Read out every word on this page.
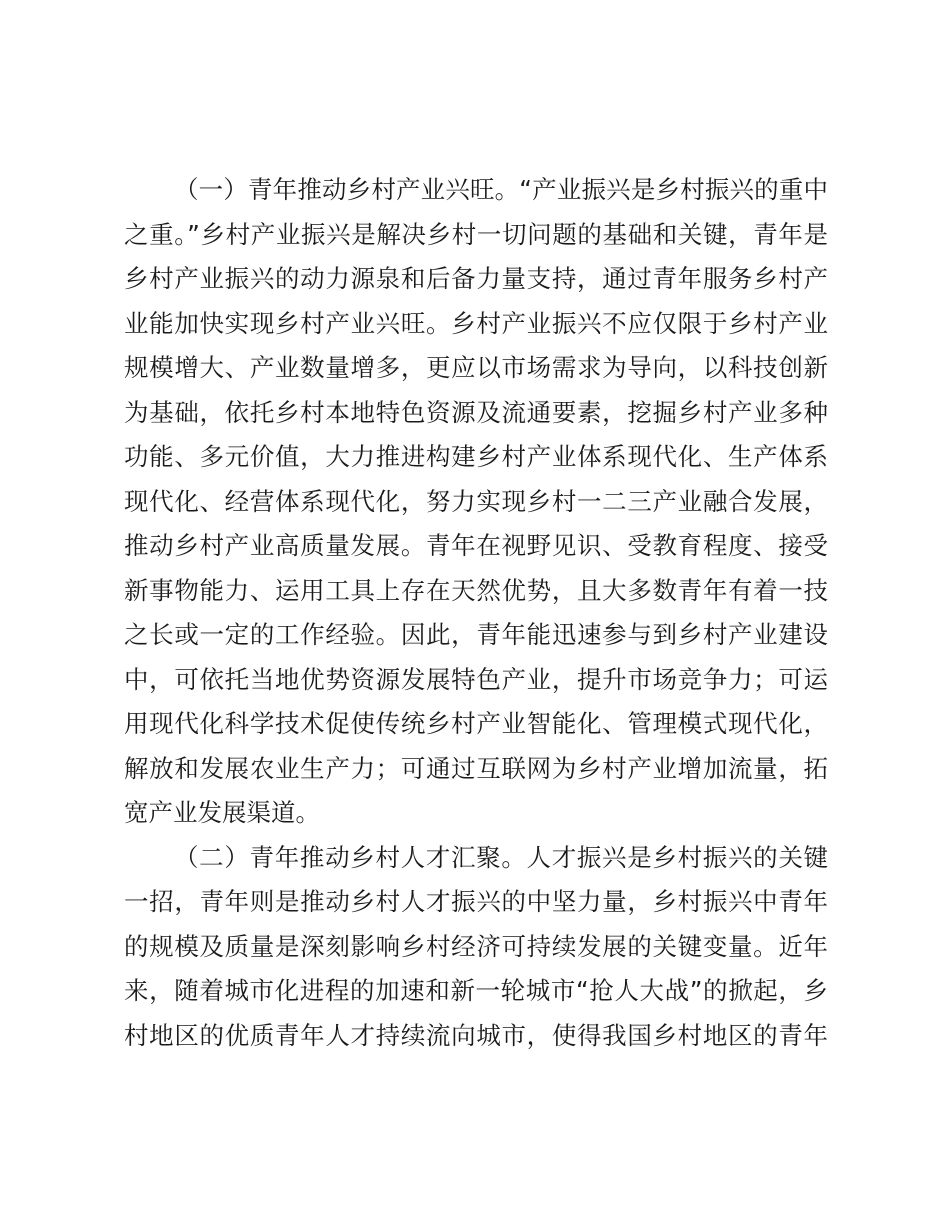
（一）青年推动乡村产业兴旺。“产业振兴是乡村振兴的重中
之重。”乡村产业振兴是解决乡村一切问题的基础和关键，青年是
乡村产业振兴的动力源泉和后备力量支持，通过青年服务乡村产
业能加快实现乡村产业兴旺。乡村产业振兴不应仅限于乡村产业
规模增大、产业数量增多，更应以市场需求为导向，以科技创新
为基础，依托乡村本地特色资源及流通要素，挖掘乡村产业多种
功能、多元价值，大力推进构建乡村产业体系现代化、生产体系
现代化、经营体系现代化，努力实现乡村一二三产业融合发展，
推动乡村产业高质量发展。青年在视野见识、受教育程度、接受
新事物能力、运用工具上存在天然优势，且大多数青年有着一技
之长或一定的工作经验。因此，青年能迅速参与到乡村产业建设
中，可依托当地优势资源发展特色产业，提升市场竞争力；可运
用现代化科学技术促使传统乡村产业智能化、管理模式现代化，
解放和发展农业生产力；可通过互联网为乡村产业增加流量，拓
宽产业发展渠道。
（二）青年推动乡村人才汇聚。人才振兴是乡村振兴的关键
一招，青年则是推动乡村人才振兴的中坚力量，乡村振兴中青年
的规模及质量是深刻影响乡村经济可持续发展的关键变量。近年
来，随着城市化进程的加速和新一轮城市“抢人大战”的掀起，乡
村地区的优质青年人才持续流向城市，使得我国乡村地区的青年
